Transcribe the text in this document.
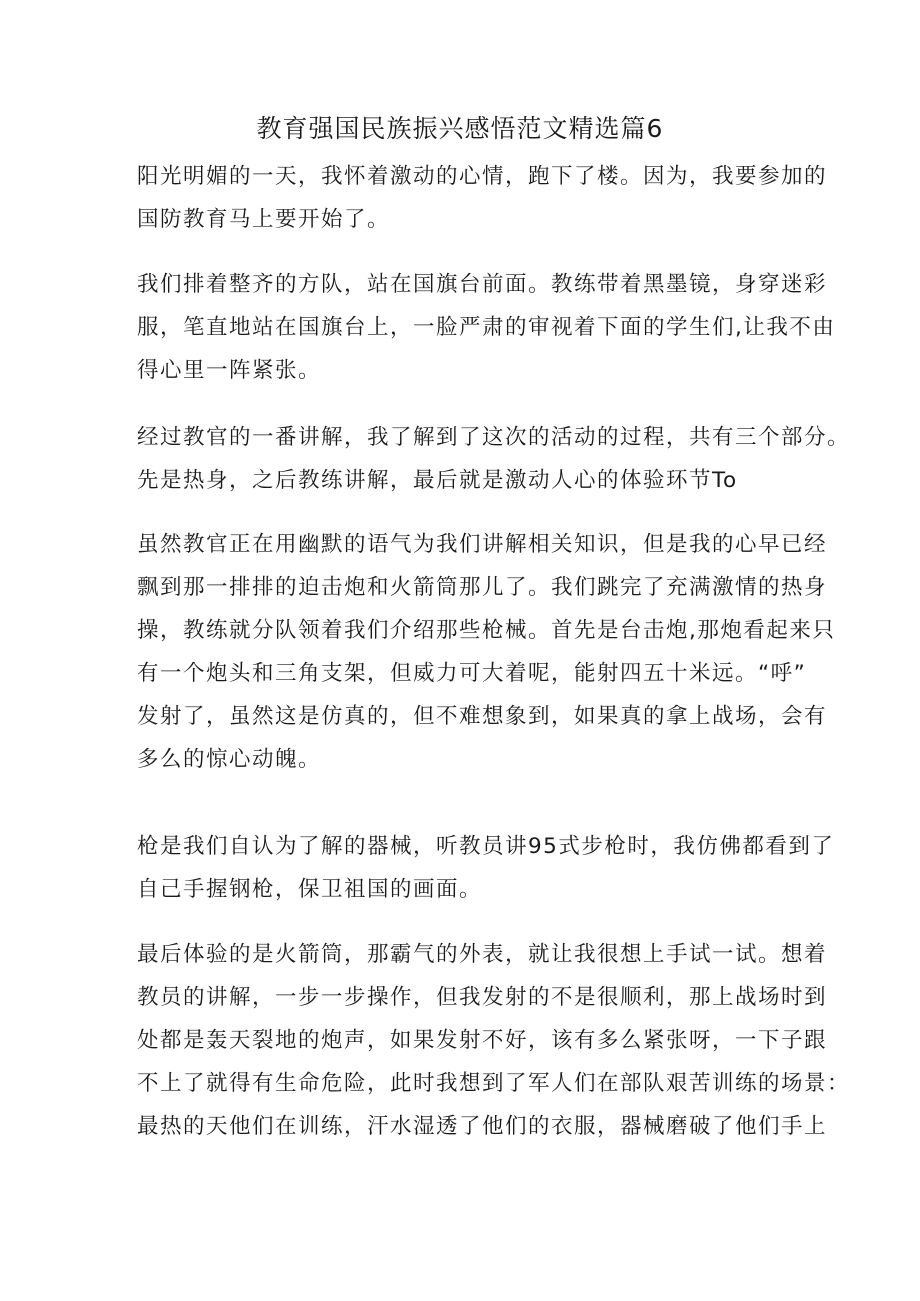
教育强国民族振兴感悟范文精选篇6

阳光明媚的一天，我怀着激动的心情，跑下了楼。因为，我要参加的
国防教育马上要开始了。

我们排着整齐的方队，站在国旗台前面。教练带着黑墨镜，身穿迷彩
服，笔直地站在国旗台上，一脸严肃的审视着下面的学生们,让我不由
得心里一阵紧张。

经过教官的一番讲解，我了解到了这次的活动的过程，共有三个部分。
先是热身，之后教练讲解，最后就是激动人心的体验环节To

虽然教官正在用幽默的语气为我们讲解相关知识，但是我的心早已经
飘到那一排排的迫击炮和火箭筒那儿了。我们跳完了充满激情的热身
操，教练就分队领着我们介绍那些枪械。首先是台击炮,那炮看起来只
有一个炮头和三角支架，但威力可大着呢，能射四五十米远。“呼”
发射了，虽然这是仿真的，但不难想象到，如果真的拿上战场，会有
多么的惊心动魄。

枪是我们自认为了解的器械，听教员讲95式步枪时，我仿佛都看到了
自己手握钢枪，保卫祖国的画面。

最后体验的是火箭筒，那霸气的外表，就让我很想上手试一试。想着
教员的讲解，一步一步操作，但我发射的不是很顺利，那上战场时到
处都是轰天裂地的炮声，如果发射不好，该有多么紧张呀，一下子跟
不上了就得有生命危险，此时我想到了军人们在部队艰苦训练的场景：
最热的天他们在训练，汗水湿透了他们的衣服，器械磨破了他们手上
